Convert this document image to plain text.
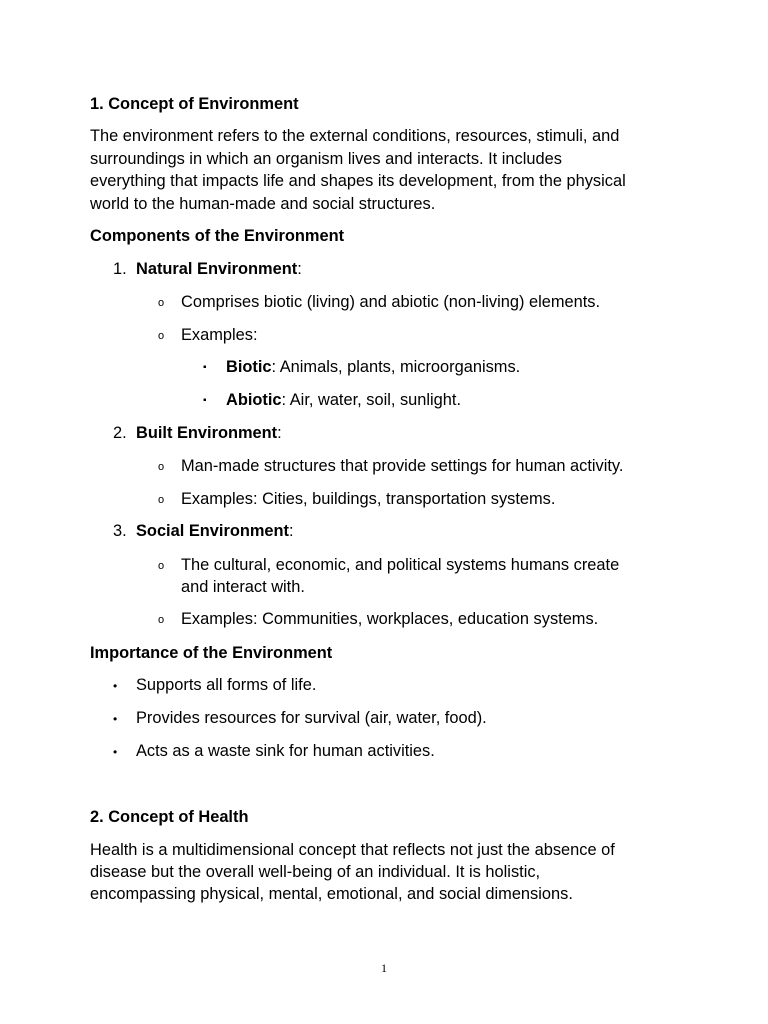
1. Concept of Environment
The environment refers to the external conditions, resources, stimuli, and
surroundings in which an organism lives and interacts. It includes
everything that impacts life and shapes its development, from the physical
world to the human-made and social structures.
Components of the Environment
1. Natural Environment:
o Comprises biotic (living) and abiotic (non-living) elements.
o Examples:
▪ Biotic: Animals, plants, microorganisms.
▪ Abiotic: Air, water, soil, sunlight.
2. Built Environment:
o Man-made structures that provide settings for human activity.
o Examples: Cities, buildings, transportation systems.
3. Social Environment:
o The cultural, economic, and political systems humans create
and interact with.
o Examples: Communities, workplaces, education systems.
Importance of the Environment
• Supports all forms of life.
• Provides resources for survival (air, water, food).
• Acts as a waste sink for human activities.
2. Concept of Health
Health is a multidimensional concept that reflects not just the absence of
disease but the overall well-being of an individual. It is holistic,
encompassing physical, mental, emotional, and social dimensions.
1
